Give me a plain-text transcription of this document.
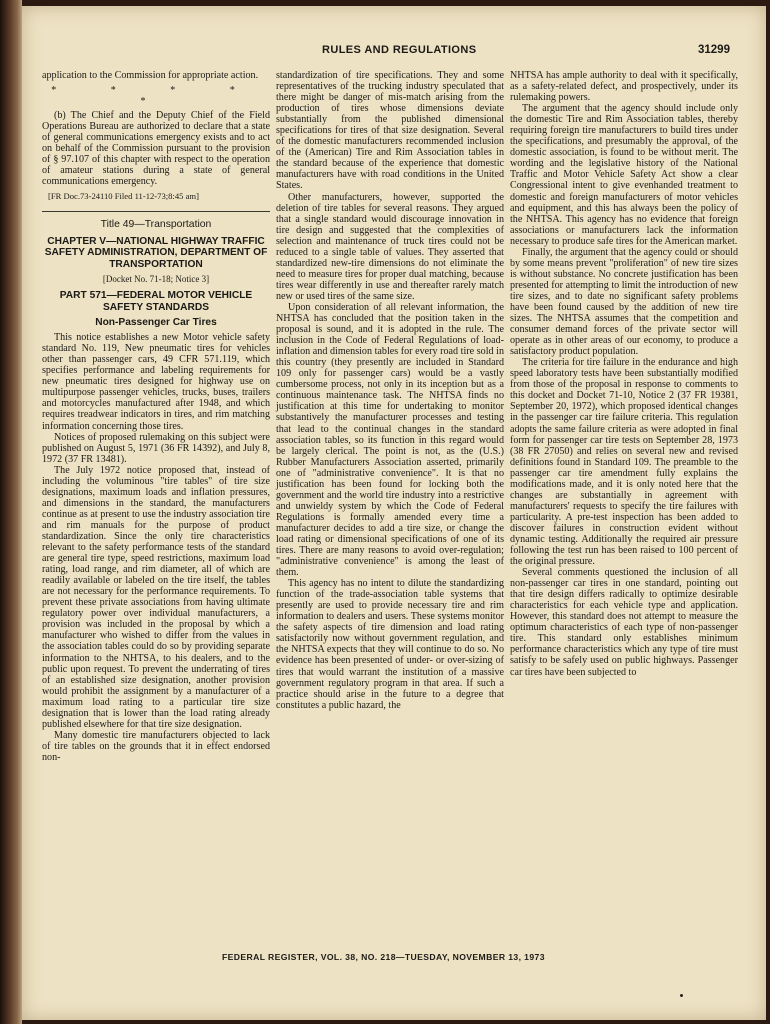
RULES AND REGULATIONS	31299

application to the Commission for appropriate action.

* * * * *

(b) The Chief and the Deputy Chief of the Field Operations Bureau are authorized to declare that a state of general communications emergency exists and to act on behalf of the Commission pursuant to the provision of § 97.107 of this chapter with respect to the operation of amateur stations during a state of general communications emergency.

[FR Doc.73-24110 Filed 11-12-73;8:45 am]

Title 49—Transportation
CHAPTER V—NATIONAL HIGHWAY TRAFFIC SAFETY ADMINISTRATION, DEPARTMENT OF TRANSPORTATION
[Docket No. 71-18; Notice 3]
PART 571—FEDERAL MOTOR VEHICLE SAFETY STANDARDS
Non-Passenger Car Tires

This notice establishes a new Motor vehicle safety standard No. 119, New pneumatic tires for vehicles other than passenger cars, 49 CFR 571.119, which specifies performance and labeling requirements for new pneumatic tires designed for highway use on multipurpose passenger vehicles, trucks, buses, trailers and motorcycles manufactured after 1948, and which requires treadwear indicators in tires, and rim matching information concerning those tires.

Notices of proposed rulemaking on this subject were published on August 5, 1971 (36 FR 14392), and July 8, 1972 (37 FR 13481).

The July 1972 notice proposed that, instead of including the voluminous "tire tables" of tire size designations, maximum loads and inflation pressures, and dimensions in the standard, the manufacturers continue as at present to use the industry association tire and rim manuals for the purpose of product standardization. Since the only tire characteristics relevant to the safety performance tests of the standard are general tire type, speed restrictions, maximum load rating, load range, and rim diameter, all of which are readily available or labeled on the tire itself, the tables are not necessary for the performance requirements. To prevent these private associations from having ultimate regulatory power over individual manufacturers, a provision was included in the proposal by which a manufacturer who wished to differ from the values in the association tables could do so by providing separate information to the NHTSA, to his dealers, and to the public upon request. To prevent the underrating of tires of an established size designation, another provision would prohibit the assignment by a manufacturer of a maximum load rating to a particular tire size designation that is lower than the load rating already published elsewhere for that tire size designation.

Many domestic tire manufacturers objected to lack of tire tables on the grounds that it in effect endorsed non-

standardization of tire specifications. They and some representatives of the trucking industry speculated that there might be danger of mis-match arising from the production of tires whose dimensions deviate substantially from the published dimensional specifications for tires of that size designation. Several of the domestic manufacturers recommended inclusion of the (American) Tire and Rim Association tables in the standard because of the experience that domestic manufacturers have with road conditions in the United States.

Other manufacturers, however, supported the deletion of tire tables for several reasons. They argued that a single standard would discourage innovation in tire design and suggested that the complexities of selection and maintenance of truck tires could not be reduced to a single table of values. They asserted that standardized new-tire dimensions do not eliminate the need to measure tires for proper dual matching, because tires wear differently in use and thereafter rarely match new or used tires of the same size.

Upon consideration of all relevant information, the NHTSA has concluded that the position taken in the proposal is sound, and it is adopted in the rule. The inclusion in the Code of Federal Regulations of load-inflation and dimension tables for every road tire sold in this country (they presently are included in Standard 109 only for passenger cars) would be a vastly cumbersome process, not only in its inception but as a continuous maintenance task. The NHTSA finds no justification at this time for undertaking to monitor substantively the manufacturer processes and testing that lead to the continual changes in the standard association tables, so its function in this regard would be largely clerical. The point is not, as the (U.S.) Rubber Manufacturers Association asserted, primarily one of "administrative convenience". It is that no justification has been found for locking both the government and the world tire industry into a restrictive and unwieldy system by which the Code of Federal Regulations is formally amended every time a manufacturer decides to add a tire size, or change the load rating or dimensional specifications of one of its tires. There are many reasons to avoid over-regulation; "administrative convenience" is among the least of them.

This agency has no intent to dilute the standardizing function of the trade-association table systems that presently are used to provide necessary tire and rim information to dealers and users. These systems monitor the safety aspects of tire dimension and load rating satisfactorily now without government regulation, and the NHTSA expects that they will continue to do so. No evidence has been presented of under- or over-sizing of tires that would warrant the institution of a massive government regulatory program in that area. If such a practice should arise in the future to a degree that constitutes a public hazard, the

NHTSA has ample authority to deal with it specifically, as a safety-related defect, and prospectively, under its rulemaking powers.

The argument that the agency should include only the domestic Tire and Rim Association tables, thereby requiring foreign tire manufacturers to build tires under the specifications, and presumably the approval, of the domestic association, is found to be without merit. The wording and the legislative history of the National Traffic and Motor Vehicle Safety Act show a clear Congressional intent to give evenhanded treatment to domestic and foreign manufacturers of motor vehicles and equipment, and this has always been the policy of the NHTSA. This agency has no evidence that foreign associations or manufacturers lack the information necessary to produce safe tires for the American market.

Finally, the argument that the agency could or should by some means prevent "proliferation" of new tire sizes is without substance. No concrete justification has been presented for attempting to limit the introduction of new tire sizes, and to date no significant safety problems have been found caused by the addition of new tire sizes. The NHTSA assumes that the competition and consumer demand forces of the private sector will operate as in other areas of our economy, to produce a satisfactory product population.

The criteria for tire failure in the endurance and high speed laboratory tests have been substantially modified from those of the proposal in response to comments to this docket and Docket 71-10, Notice 2 (37 FR 19381, September 20, 1972), which proposed identical changes in the passenger car tire failure criteria. This regulation adopts the same failure criteria as were adopted in final form for passenger car tire tests on September 28, 1973 (38 FR 27050) and relies on several new and revised definitions found in Standard 109. The preamble to the passenger car tire amendment fully explains the modifications made, and it is only noted here that the changes are substantially in agreement with manufacturers' requests to specify the tire failures with particularity. A pre-test inspection has been added to discover failures in construction evident without dynamic testing. Additionally the required air pressure following the test run has been raised to 100 percent of the original pressure.

Several comments questioned the inclusion of all non-passenger car tires in one standard, pointing out that tire design differs radically to optimize desirable characteristics for each vehicle type and application. However, this standard does not attempt to measure the optimum characteristics of each type of non-passenger tire. This standard only establishes minimum performance characteristics which any type of tire must satisfy to be safely used on public highways. Passenger car tires have been subjected to

FEDERAL REGISTER, VOL. 38, NO. 218—TUESDAY, NOVEMBER 13, 1973
